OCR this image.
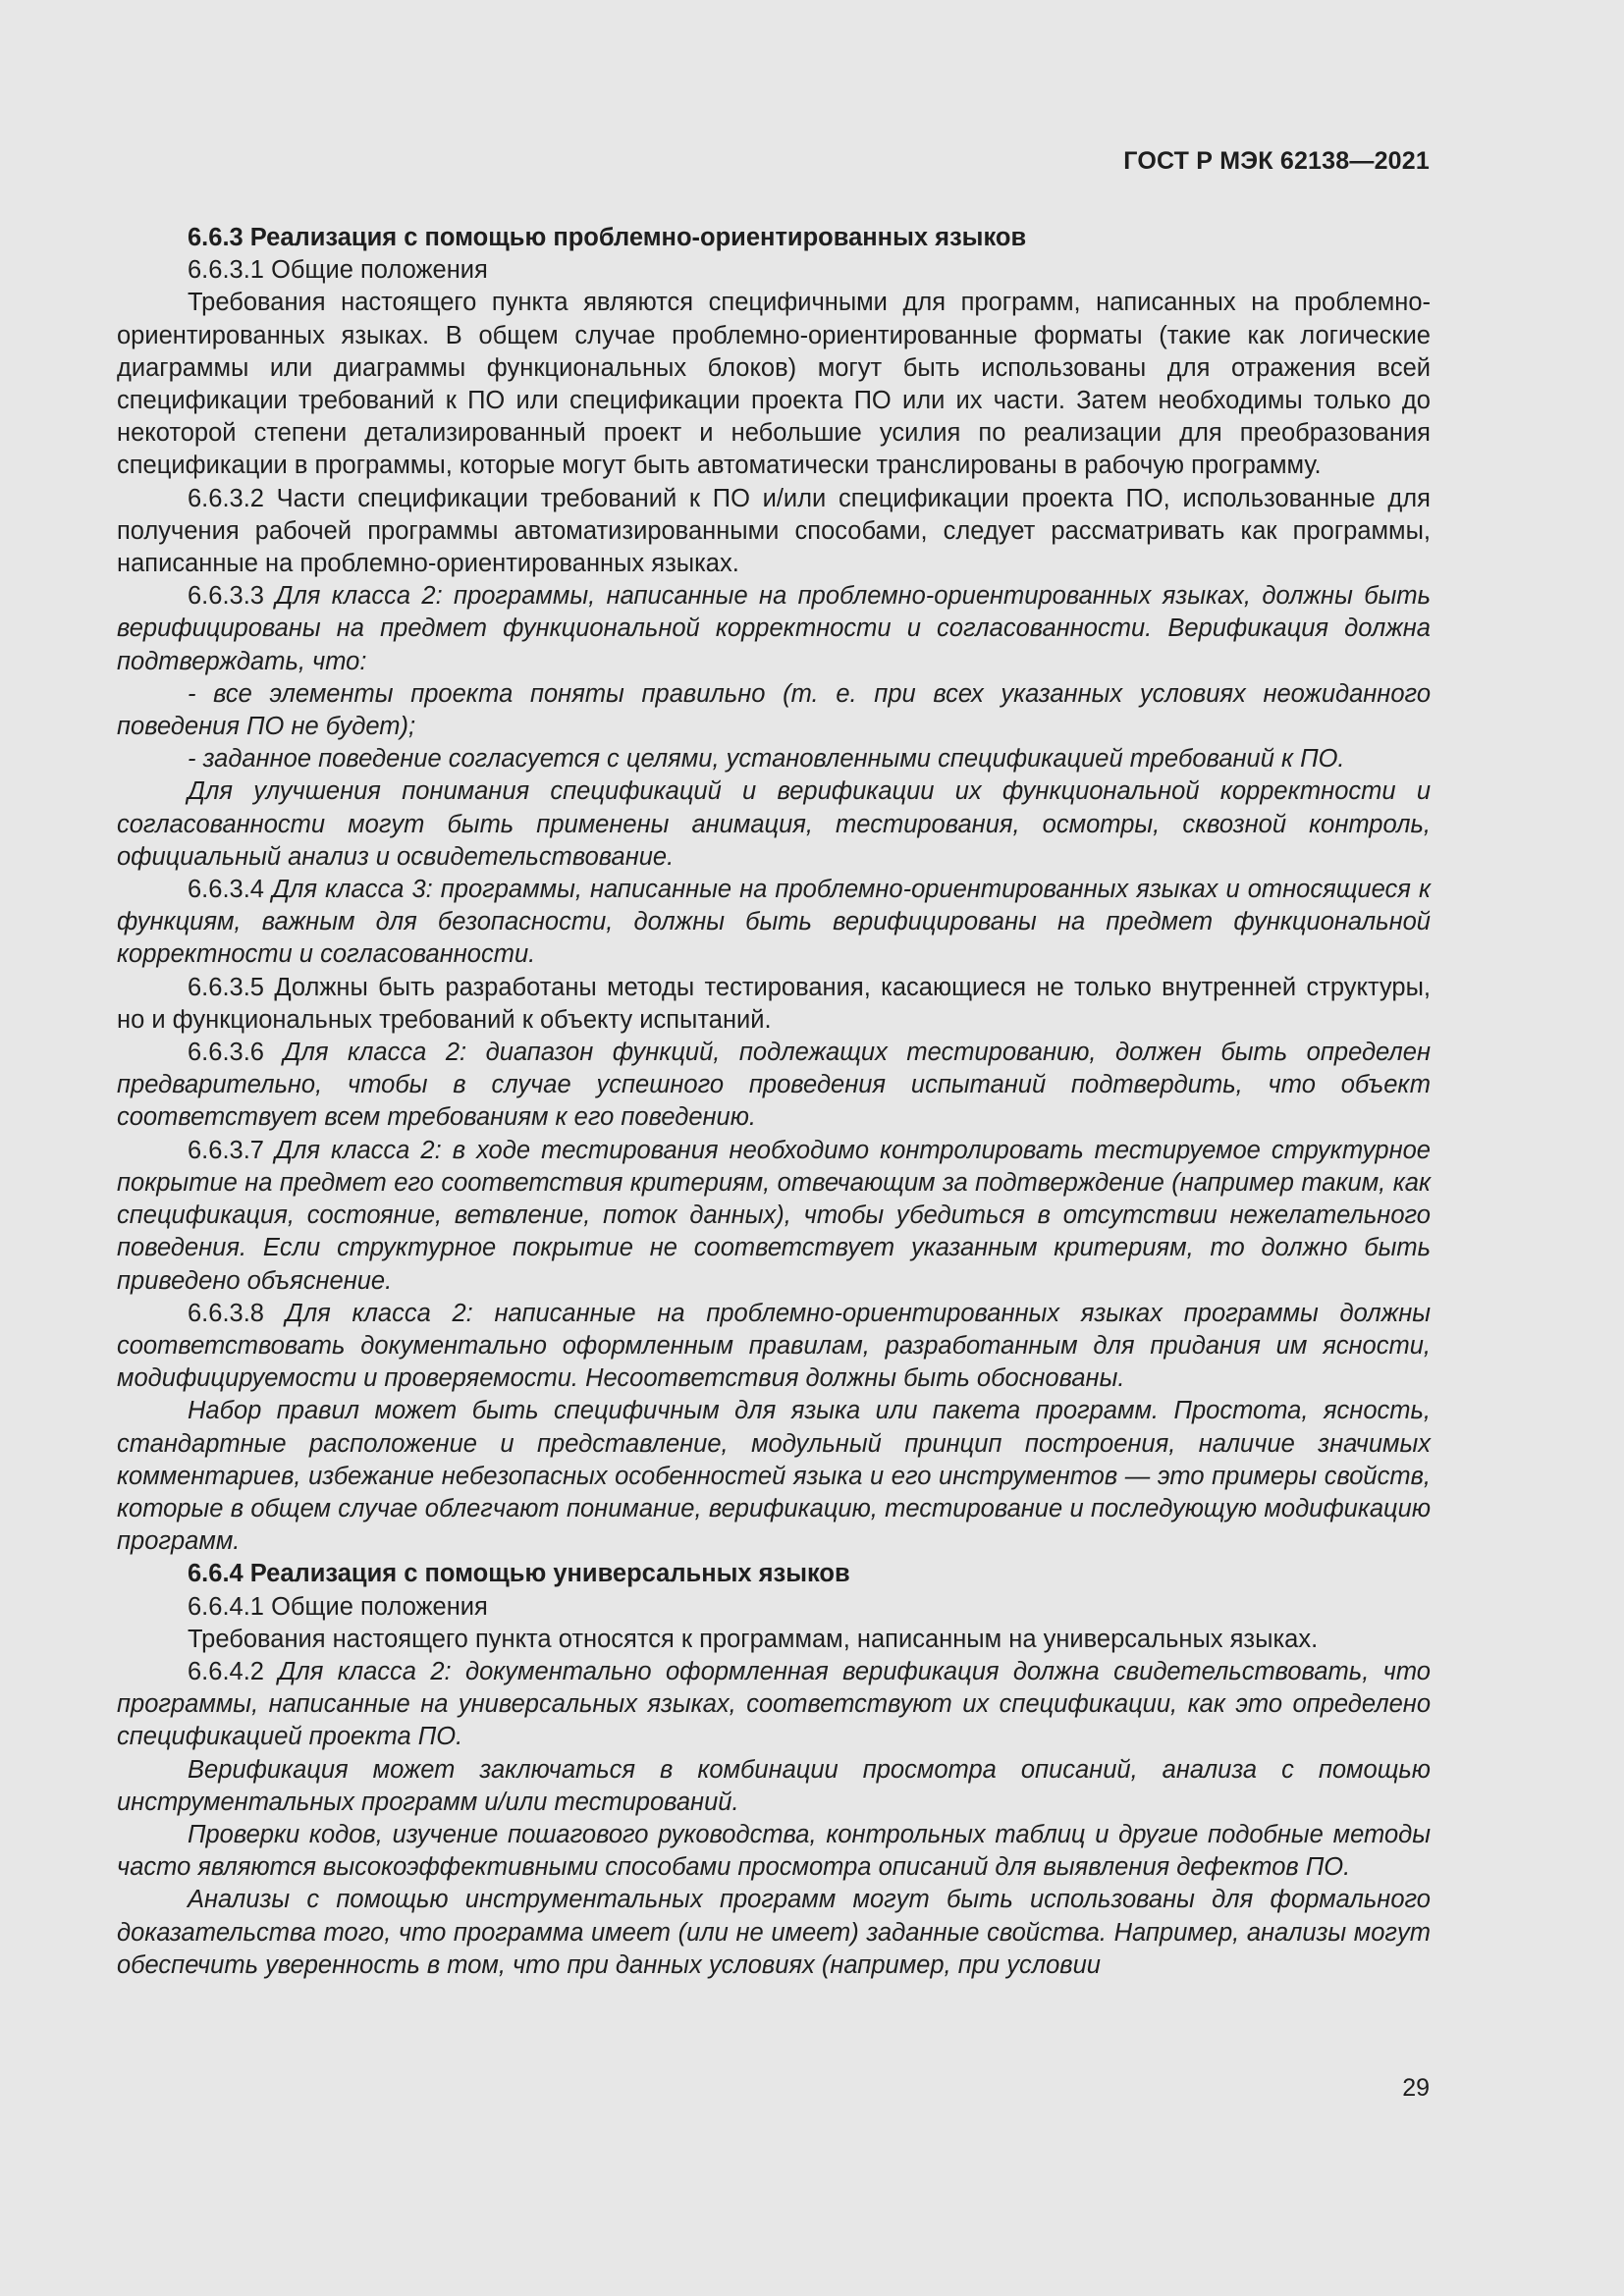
ГОСТ Р МЭК 62138—2021

6.6.3 Реализация с помощью проблемно-ориентированных языков

6.6.3.1 Общие положения

Требования настоящего пункта являются специфичными для программ, написанных на проблемно-ориентированных языках. В общем случае проблемно-ориентированные форматы (такие как логические диаграммы или диаграммы функциональных блоков) могут быть использованы для отражения всей спецификации требований к ПО или спецификации проекта ПО или их части. Затем необходимы только до некоторой степени детализированный проект и небольшие усилия по реализации для преобразования спецификации в программы, которые могут быть автоматически транслированы в рабочую программу.

6.6.3.2 Части спецификации требований к ПО и/или спецификации проекта ПО, использованные для получения рабочей программы автоматизированными способами, следует рассматривать как программы, написанные на проблемно-ориентированных языках.

6.6.3.3 Для класса 2: программы, написанные на проблемно-ориентированных языках, должны быть верифицированы на предмет функциональной корректности и согласованности. Верификация должна подтверждать, что:

- все элементы проекта поняты правильно (т. е. при всех указанных условиях неожиданного поведения ПО не будет);

- заданное поведение согласуется с целями, установленными спецификацией требований к ПО.

Для улучшения понимания спецификаций и верификации их функциональной корректности и согласованности могут быть применены анимация, тестирования, осмотры, сквозной контроль, официальный анализ и освидетельствование.

6.6.3.4 Для класса 3: программы, написанные на проблемно-ориентированных языках и относящиеся к функциям, важным для безопасности, должны быть верифицированы на предмет функциональной корректности и согласованности.

6.6.3.5 Должны быть разработаны методы тестирования, касающиеся не только внутренней структуры, но и функциональных требований к объекту испытаний.

6.6.3.6 Для класса 2: диапазон функций, подлежащих тестированию, должен быть определен предварительно, чтобы в случае успешного проведения испытаний подтвердить, что объект соответствует всем требованиям к его поведению.

6.6.3.7 Для класса 2: в ходе тестирования необходимо контролировать тестируемое структурное покрытие на предмет его соответствия критериям, отвечающим за подтверждение (например таким, как спецификация, состояние, ветвление, поток данных), чтобы убедиться в отсутствии нежелательного поведения. Если структурное покрытие не соответствует указанным критериям, то должно быть приведено объяснение.

6.6.3.8 Для класса 2: написанные на проблемно-ориентированных языках программы должны соответствовать документально оформленным правилам, разработанным для придания им ясности, модифицируемости и проверяемости. Несоответствия должны быть обоснованы.

Набор правил может быть специфичным для языка или пакета программ. Простота, ясность, стандартные расположение и представление, модульный принцип построения, наличие значимых комментариев, избежание небезопасных особенностей языка и его инструментов — это примеры свойств, которые в общем случае облегчают понимание, верификацию, тестирование и последующую модификацию программ.

6.6.4 Реализация с помощью универсальных языков

6.6.4.1 Общие положения

Требования настоящего пункта относятся к программам, написанным на универсальных языках.

6.6.4.2 Для класса 2: документально оформленная верификация должна свидетельствовать, что программы, написанные на универсальных языках, соответствуют их спецификации, как это определено спецификацией проекта ПО.

Верификация может заключаться в комбинации просмотра описаний, анализа с помощью инструментальных программ и/или тестирований.

Проверки кодов, изучение пошагового руководства, контрольных таблиц и другие подобные методы часто являются высокоэффективными способами просмотра описаний для выявления дефектов ПО.

Анализы с помощью инструментальных программ могут быть использованы для формального доказательства того, что программа имеет (или не имеет) заданные свойства. Например, анализы могут обеспечить уверенность в том, что при данных условиях (например, при условии

29
